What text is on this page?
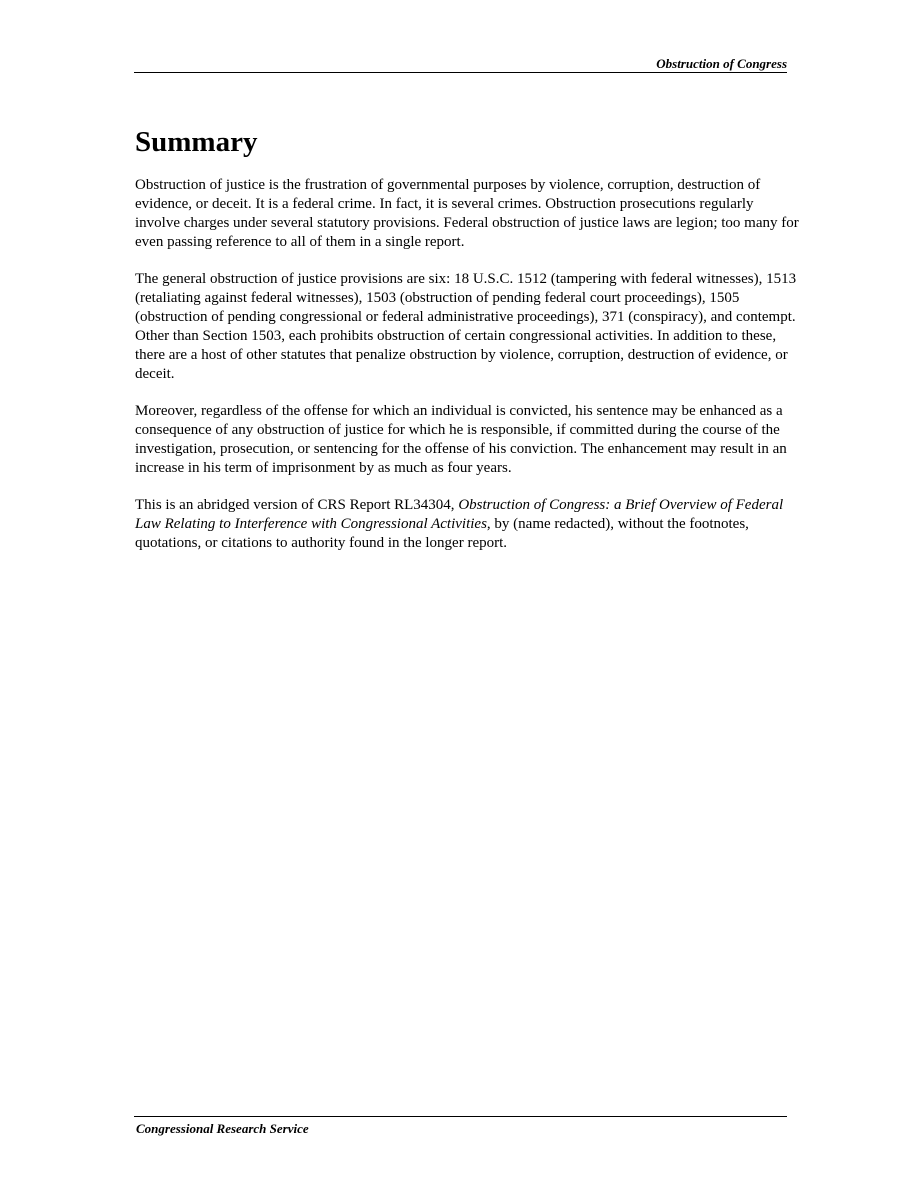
Obstruction of Congress
Summary

Obstruction of justice is the frustration of governmental purposes by violence, corruption, destruction of evidence, or deceit. It is a federal crime. In fact, it is several crimes. Obstruction prosecutions regularly involve charges under several statutory provisions. Federal obstruction of justice laws are legion; too many for even passing reference to all of them in a single report.

The general obstruction of justice provisions are six: 18 U.S.C. 1512 (tampering with federal witnesses), 1513 (retaliating against federal witnesses), 1503 (obstruction of pending federal court proceedings), 1505 (obstruction of pending congressional or federal administrative proceedings), 371 (conspiracy), and contempt. Other than Section 1503, each prohibits obstruction of certain congressional activities. In addition to these, there are a host of other statutes that penalize obstruction by violence, corruption, destruction of evidence, or deceit.

Moreover, regardless of the offense for which an individual is convicted, his sentence may be enhanced as a consequence of any obstruction of justice for which he is responsible, if committed during the course of the investigation, prosecution, or sentencing for the offense of his conviction. The enhancement may result in an increase in his term of imprisonment by as much as four years.

This is an abridged version of CRS Report RL34304, Obstruction of Congress: a Brief Overview of Federal Law Relating to Interference with Congressional Activities, by (name redacted), without the footnotes, quotations, or citations to authority found in the longer report.

Congressional Research Service
